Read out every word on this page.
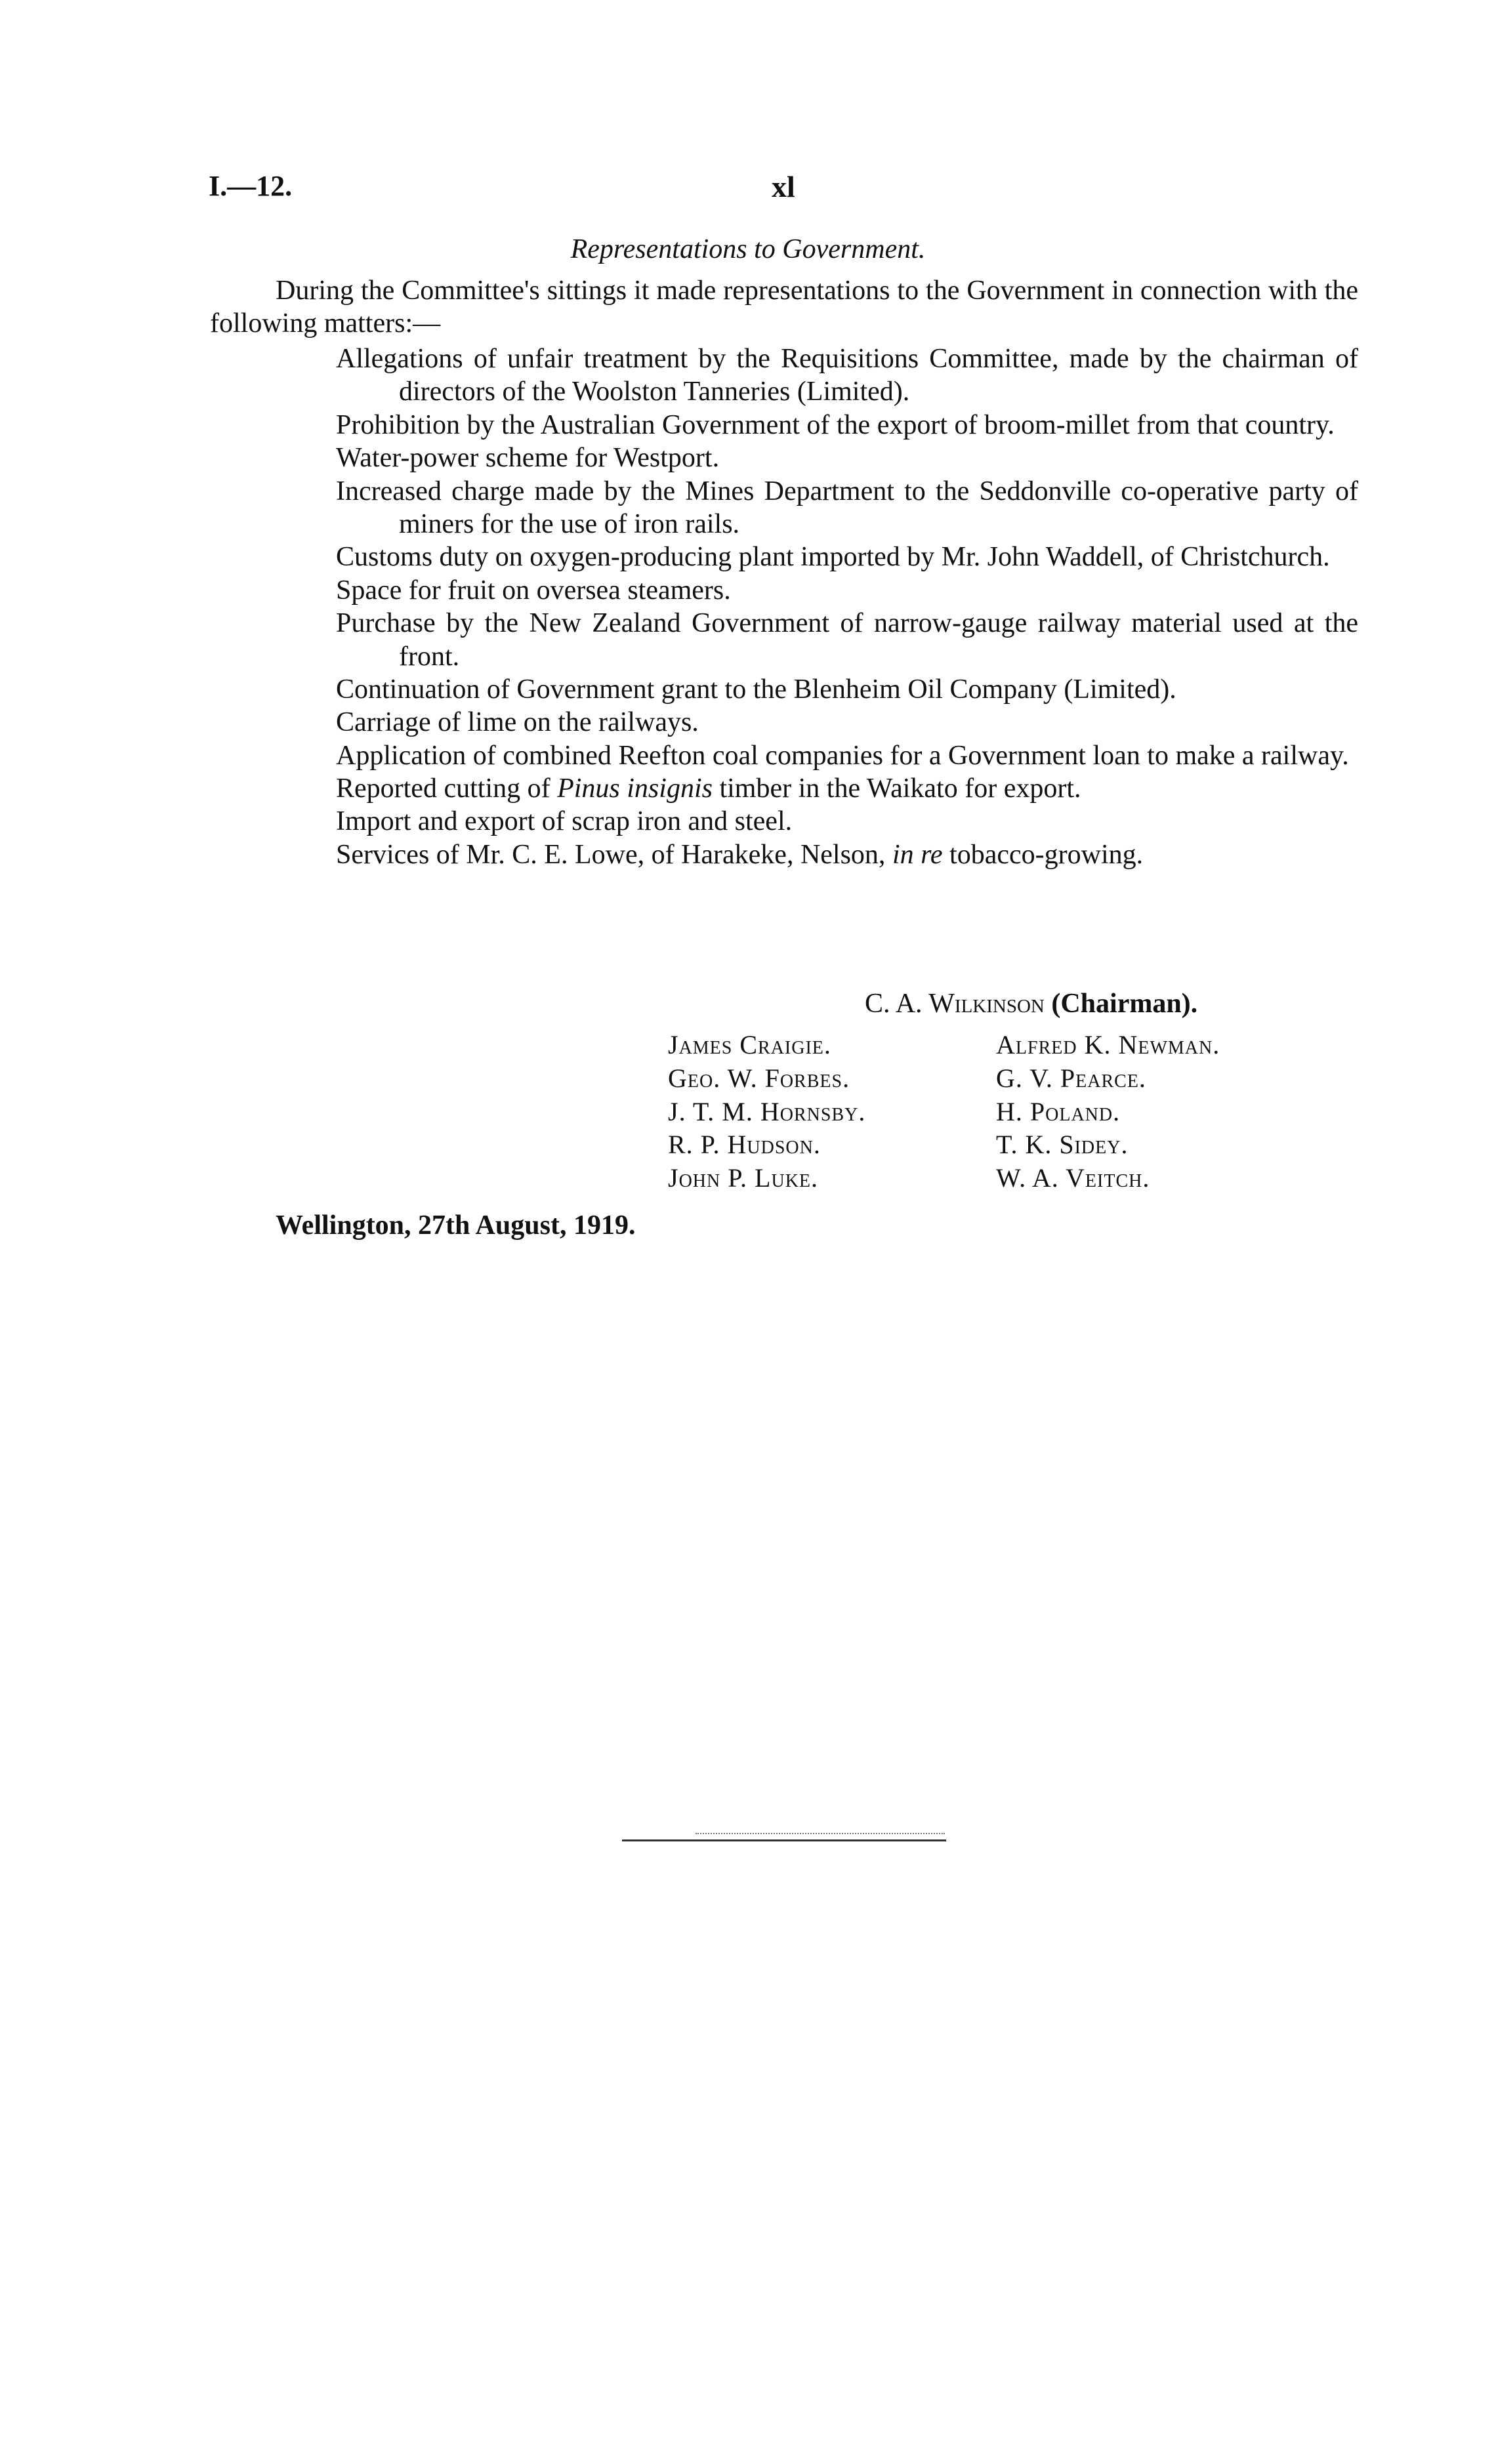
I.—12.	xl
Representations to Government.

During the Committee's sittings it made representations to the Government in connection with the following matters:—

Allegations of unfair treatment by the Requisitions Committee, made by the chairman of directors of the Woolston Tanneries (Limited).
Prohibition by the Australian Government of the export of broom-millet from that country.
Water-power scheme for Westport.
Increased charge made by the Mines Department to the Seddonville co-operative party of miners for the use of iron rails.
Customs duty on oxygen-producing plant imported by Mr. John Waddell, of Christchurch.
Space for fruit on oversea steamers.
Purchase by the New Zealand Government of narrow-gauge railway material used at the front.
Continuation of Government grant to the Blenheim Oil Company (Limited).
Carriage of lime on the railways.
Application of combined Reefton coal companies for a Government loan to make a railway.
Reported cutting of Pinus insignis timber in the Waikato for export.
Import and export of scrap iron and steel.
Services of Mr. C. E. Lowe, of Harakeke, Nelson, in re tobacco-growing.
C. A. Wilkinson (Chairman).
James Craigie.	Alfred K. Newman.
Geo. W. Forbes.	G. V. Pearce.
J. T. M. Hornsby.	H. Poland.
R. P. Hudson.	T. K. Sidey.
John P. Luke.	W. A. Veitch.
Wellington, 27th August, 1919.
